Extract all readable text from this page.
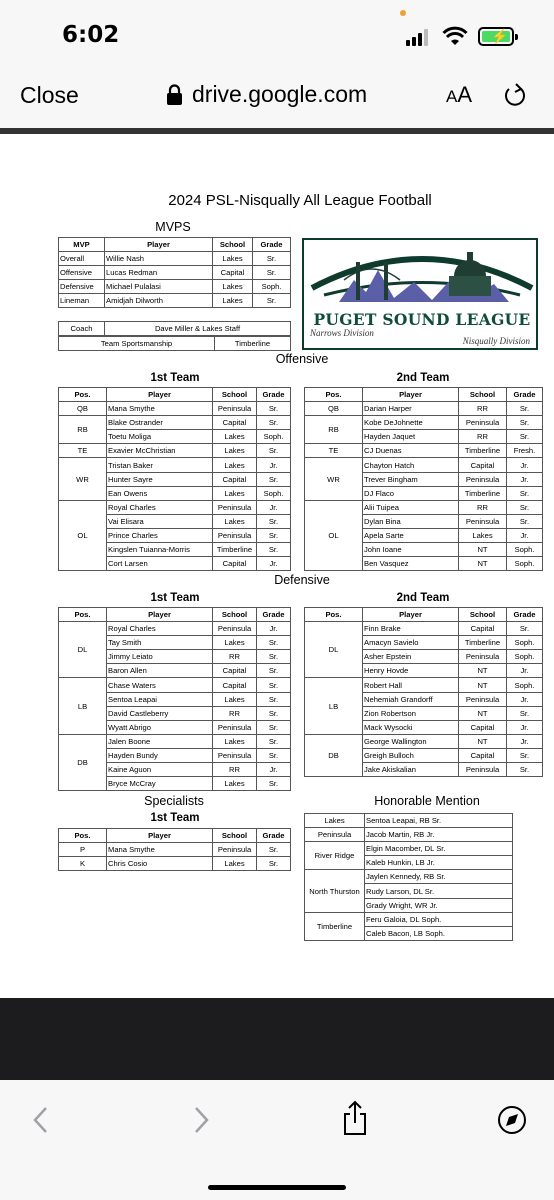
6:02	⚡
Close	drive.google.com	AA
2024 PSL-Nisqually All League Football
MVPS
MVP	Player	School	Grade
Overall	Willie Nash	Lakes	Sr.
Offensive	Lucas Redman	Capital	Sr.
Defensive	Michael Pulalasi	Lakes	Soph.
Lineman	Amidjah Dilworth	Lakes	Sr.
Coach	Dave Miller & Lakes Staff
Team Sportsmanship	Timberline
PUGET SOUND LEAGUE
Narrows Division
Nisqually Division
Offensive
1st Team	2nd Team
Pos.	Player	School	Grade
QB	Mana Smythe	Peninsula	Sr.
RB	Blake Ostrander	Capital	Sr.
	Toetu Moliga	Lakes	Soph.
TE	Exavier McChristian	Lakes	Sr.
WR	Tristan Baker	Lakes	Jr.
	Hunter Sayre	Capital	Sr.
	Ean Owens	Lakes	Soph.
OL	Royal Charles	Peninsula	Jr.
	Vai Elisara	Lakes	Sr.
	Prince Charles	Peninsula	Sr.
	Kingslen Tuianna-Morris	Timberline	Sr.
	Cort Larsen	Capital	Jr.
Pos.	Player	School	Grade
QB	Darian Harper	RR	Sr.
RB	Kobe DeJohnette	Peninsula	Sr.
	Hayden Jaquet	RR	Sr.
TE	CJ Duenas	Timberline	Fresh.
WR	Chayton Hatch	Capital	Jr.
	Trever Bingham	Peninsula	Jr.
	DJ Flaco	Timberline	Sr.
OL	Alii Tuipea	RR	Sr.
	Dylan Bina	Peninsula	Sr.
	Apela Sarte	Lakes	Jr.
	John Ioane	NT	Soph.
	Ben Vasquez	NT	Soph.
Defensive
1st Team	2nd Team
Pos.	Player	School	Grade
DL	Royal Charles	Peninsula	Jr.
	Tay Smith	Lakes	Sr.
	Jimmy Leiato	RR	Sr.
	Baron Allen	Capital	Sr.
LB	Chase Waters	Capital	Sr.
	Sentoa Leapai	Lakes	Sr.
	David Castleberry	RR	Sr.
	Wyatt Abrigo	Peninsula	Sr.
DB	Jalen Boone	Lakes	Sr.
	Hayden Bundy	Peninsula	Sr.
	Kaine Aguon	RR	Jr.
	Bryce McCray	Lakes	Sr.
Pos.	Player	School	Grade
DL	Finn Brake	Capital	Sr.
	Amacyn Savielo	Timberline	Soph.
	Asher Epstein	Peninsula	Soph.
	Henry Hovde	NT	Jr.
LB	Robert Hall	NT	Soph.
	Nehemiah Grandorff	Peninsula	Jr.
	Zion Robertson	NT	Sr.
	Mack Wysocki	Capital	Jr.
DB	George Wallington	NT	Jr.
	Greigh Bulloch	Capital	Sr.
	Jake Akiskalian	Peninsula	Sr.
Specialists	Honorable Mention
1st Team
Pos.	Player	School	Grade
P	Mana Smythe	Peninsula	Sr.
K	Chris Cosio	Lakes	Sr.
Lakes	Sentoa Leapai, RB Sr.
Peninsula	Jacob Martin, RB Jr.
River Ridge	Elgin Macomber, DL Sr.
	Kaleb Hunkin, LB Jr.
North Thurston	Jaylen Kennedy, RB Sr.
	Rudy Larson, DL Sr.
	Grady Wright, WR Jr.
Timberline	Feru Galoia, DL Soph.
	Caleb Bacon, LB Soph.
